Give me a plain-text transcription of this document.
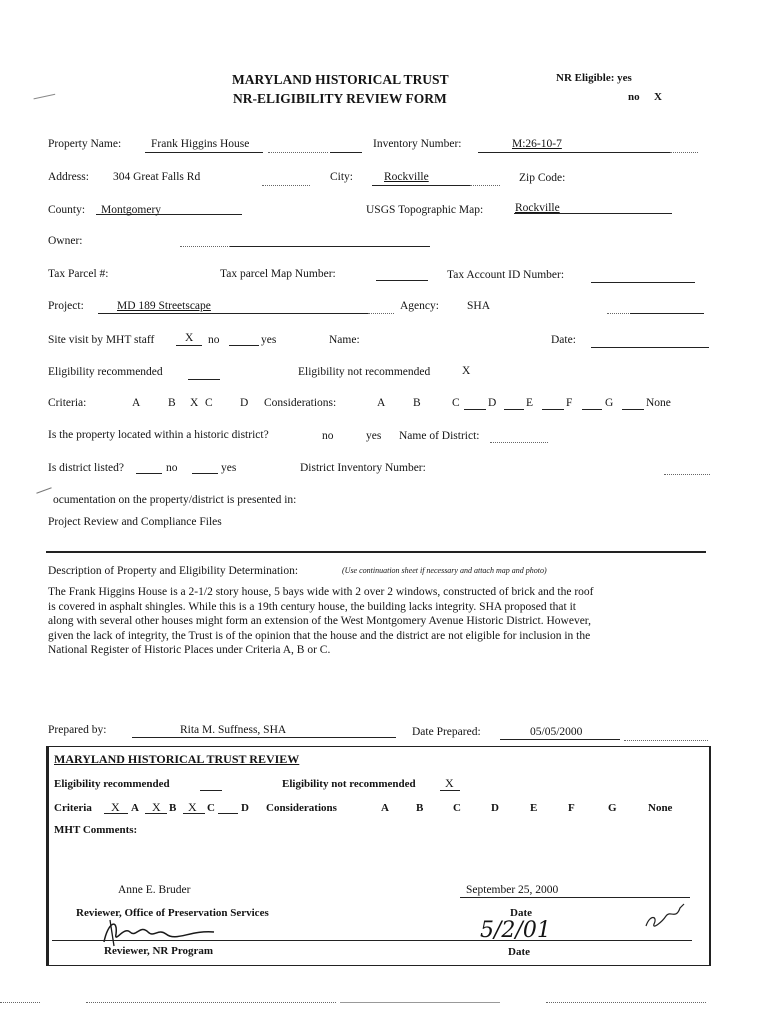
MARYLAND HISTORICAL TRUST
NR-ELIGIBILITY REVIEW FORM
NR Eligible: yes
no X
Property Name:	Frank Higgins House	Inventory Number:	M:26-10-7
Address: 304 Great Falls Rd	City:	Rockville	Zip Code:
County: Montgomery	USGS Topographic Map:	Rockville
Owner:
Tax Parcel #:	Tax parcel Map Number:	Tax Account ID Number:
Project:	MD 189 Streetscape	Agency: SHA
Site visit by MHT staff	X no	yes	Name:	Date:
Eligibility recommended	Eligibility not recommended	X
Criteria:	A B X C D Considerations:	A B	C D	E	F	G	None
Is the property located within a historic district?	no	yes Name of District:
Is district listed?	no	yes	District Inventory Number:
ocumentation on the property/district is presented in:
Project Review and Compliance Files
Description of Property and Eligibility Determination:	(Use continuation sheet if necessary and attach map and photo)
The Frank Higgins House is a 2-1/2 story house, 5 bays wide with 2 over 2 windows, constructed of brick and the roof
is covered in asphalt shingles. While this is a 19th century house, the building lacks integrity. SHA proposed that it
along with several other houses might form an extension of the West Montgomery Avenue Historic District. However,
given the lack of integrity, the Trust is of the opinion that the house and the district are not eligible for inclusion in the
National Register of Historic Places under Criteria A, B or C.
Prepared by:	Rita M. Suffness, SHA	Date Prepared:	05/05/2000
MARYLAND HISTORICAL TRUST REVIEW
Eligibility recommended	Eligibility not recommended X
Criteria X A X B X C D Considerations	A B	C	D	E	F	G	None
MHT Comments:
Anne E. Bruder	September 25, 2000
Reviewer, Office of Preservation Services	Date
5/2/01
Reviewer, NR Program	Date
